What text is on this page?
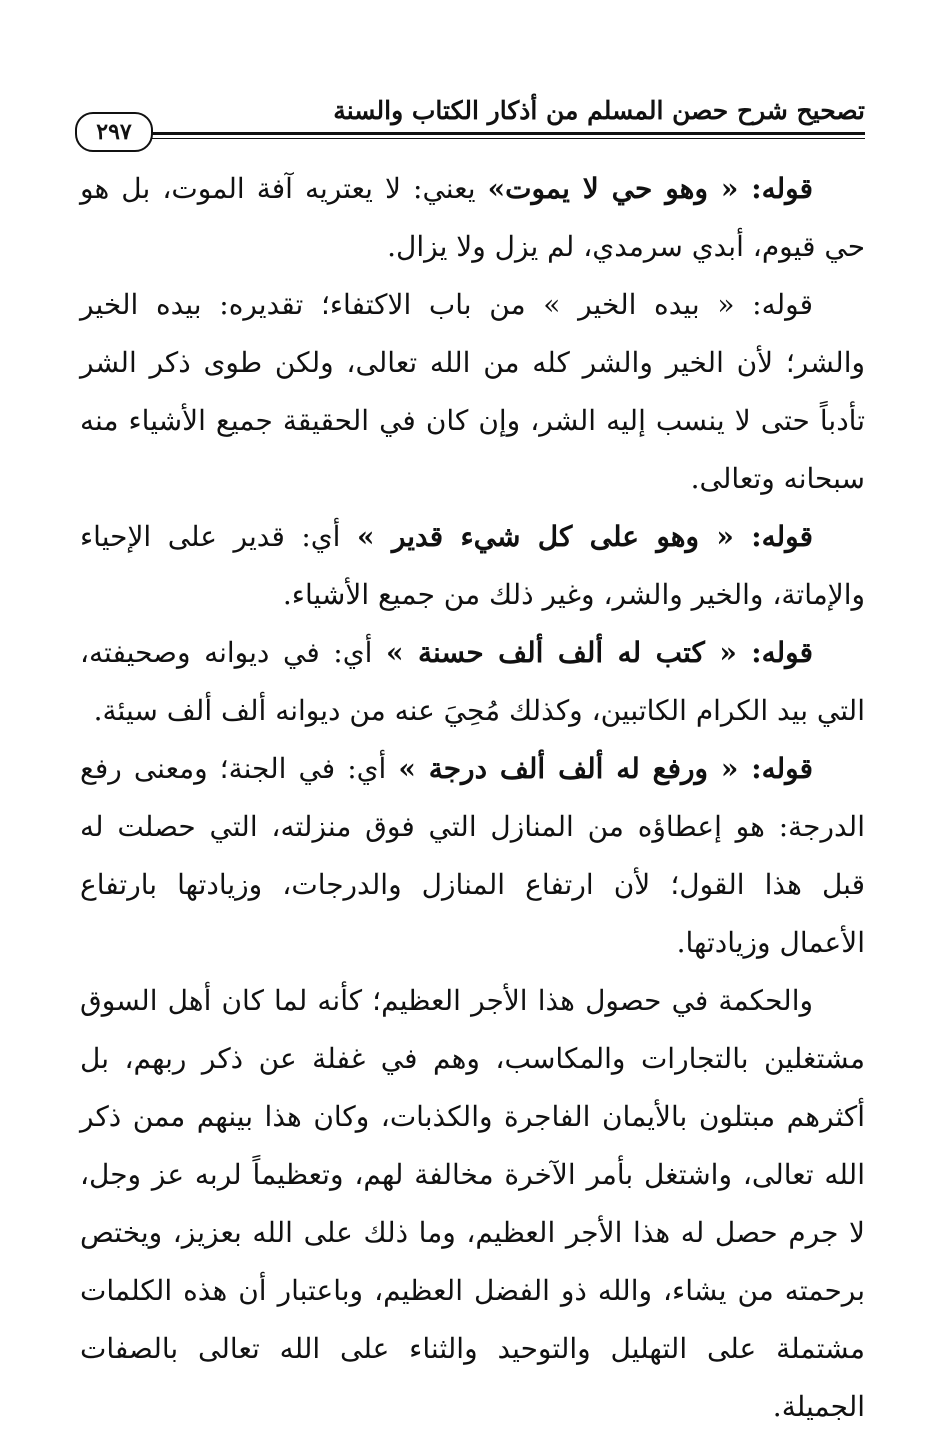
تصحيح شرح حصن المسلم من أذكار الكتاب والسنة
٢٩٧

قوله: « وهو حي لا يموت» يعني: لا يعتريه آفة الموت، بل هو حي قيوم، أبدي سرمدي، لم يزل ولا يزال.

قوله: « بيده الخير » من باب الاكتفاء؛ تقديره: بيده الخير والشر؛ لأن الخير والشر كله من الله تعالى، ولكن طوى ذكر الشر تأدباً حتى لا ينسب إليه الشر، وإن كان في الحقيقة جميع الأشياء منه سبحانه وتعالى.

قوله: « وهو على كل شيء قدير » أي: قدير على الإحياء والإماتة، والخير والشر، وغير ذلك من جميع الأشياء.

قوله: « كتب له ألف ألف حسنة » أي: في ديوانه وصحيفته، التي بيد الكرام الكاتبين، وكذلك مُحِيَ عنه من ديوانه ألف ألف سيئة.

قوله: « ورفع له ألف ألف درجة » أي: في الجنة؛ ومعنى رفع الدرجة: هو إعطاؤه من المنازل التي فوق منزلته، التي حصلت له قبل هذا القول؛ لأن ارتفاع المنازل والدرجات، وزيادتها بارتفاع الأعمال وزيادتها.

والحكمة في حصول هذا الأجر العظيم؛ كأنه لما كان أهل السوق مشتغلين بالتجارات والمكاسب، وهم في غفلة عن ذكر ربهم، بل أكثرهم مبتلون بالأيمان الفاجرة والكذبات، وكان هذا بينهم ممن ذكر الله تعالى، واشتغل بأمر الآخرة مخالفة لهم، وتعظيماً لربه عز وجل، لا جرم حصل له هذا الأجر العظيم، وما ذلك على الله بعزيز، ويختص برحمته من يشاء، والله ذو الفضل العظيم، وباعتبار أن هذه الكلمات مشتملة على التهليل والتوحيد والثناء على الله تعالى بالصفات الجميلة.
